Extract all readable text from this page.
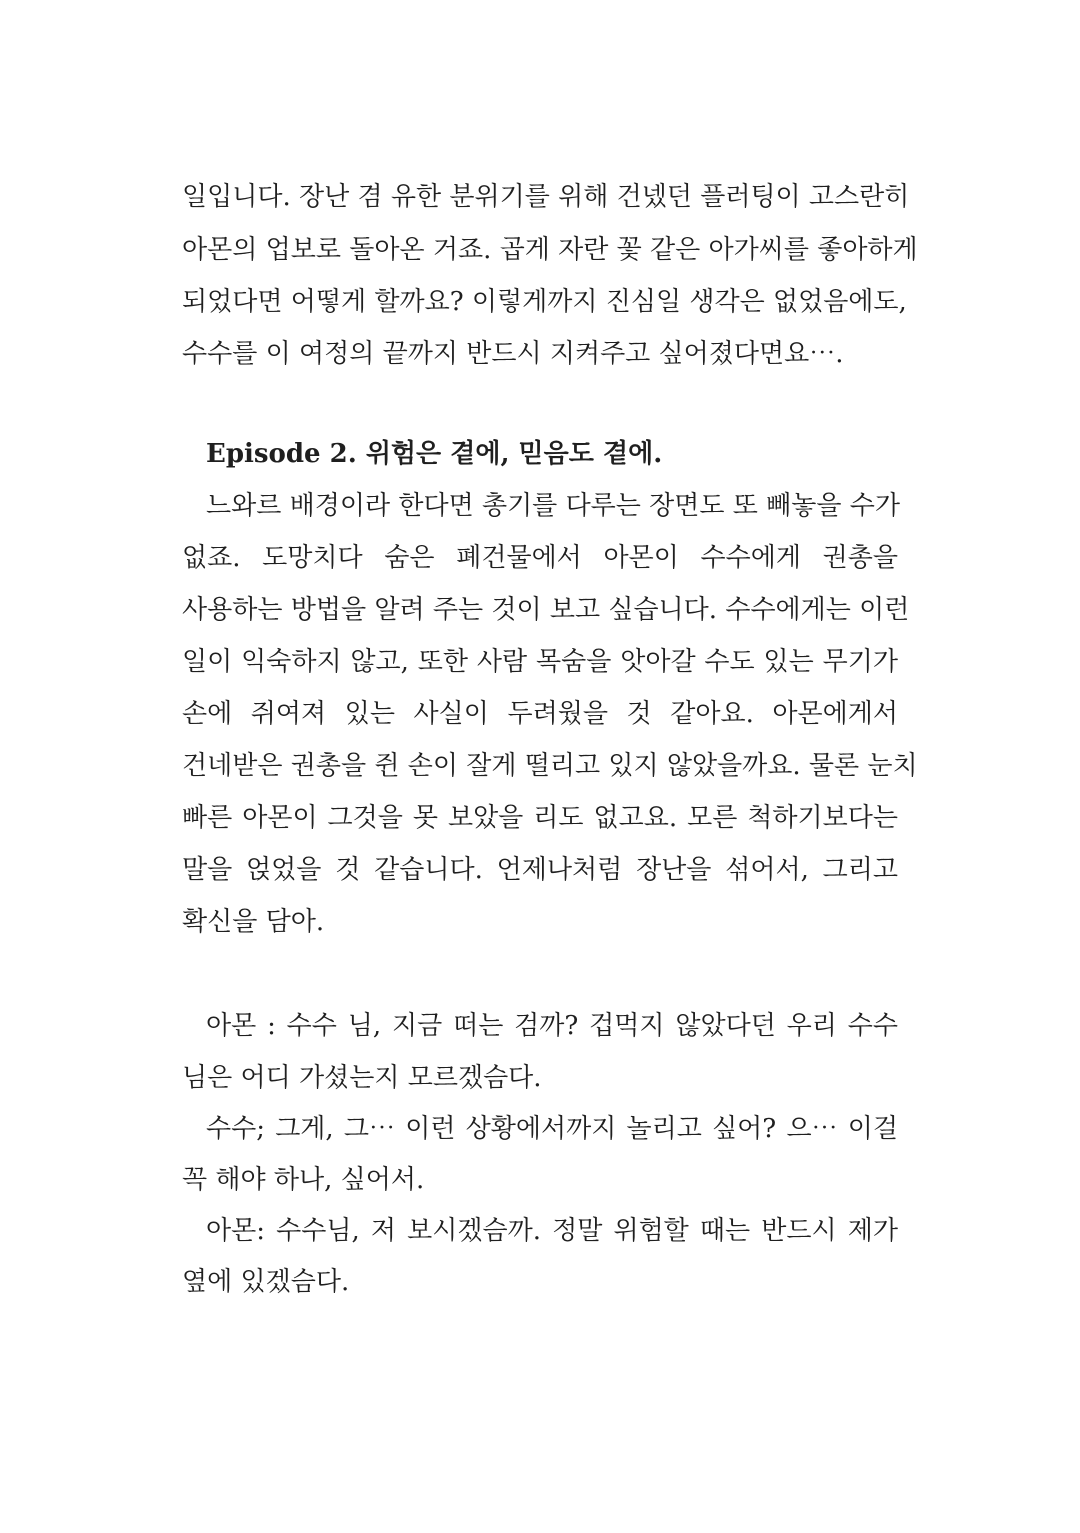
일입니다. 장난 겸 유한 분위기를 위해 건넸던 플러팅이 고스란히
아몬의 업보로 돌아온 거죠. 곱게 자란 꽃 같은 아가씨를 좋아하게
되었다면 어떻게 할까요? 이렇게까지 진심일 생각은 없었음에도,
수수를 이 여정의 끝까지 반드시 지켜주고 싶어졌다면요⋯.
Episode 2. 위험은 곁에, 믿음도 곁에.
느와르 배경이라 한다면 총기를 다루는 장면도 또 빼놓을 수가
없죠. 도망치다 숨은 폐건물에서 아몬이 수수에게 권총을
사용하는 방법을 알려 주는 것이 보고 싶습니다. 수수에게는 이런
일이 익숙하지 않고, 또한 사람 목숨을 앗아갈 수도 있는 무기가
손에 쥐여져 있는 사실이 두려웠을 것 같아요. 아몬에게서
건네받은 권총을 쥔 손이 잘게 떨리고 있지 않았을까요. 물론 눈치
빠른 아몬이 그것을 못 보았을 리도 없고요. 모른 척하기보다는
말을 얹었을 것 같습니다. 언제나처럼 장난을 섞어서, 그리고
확신을 담아.
아몬 : 수수 님, 지금 떠는 검까? 겁먹지 않았다던 우리 수수
님은 어디 가셨는지 모르겠슴다.
수수; 그게, 그⋯ 이런 상황에서까지 놀리고 싶어? 으⋯ 이걸
꼭 해야 하나, 싶어서.
아몬: 수수님, 저 보시겠슴까. 정말 위험할 때는 반드시 제가
옆에 있겠슴다.
